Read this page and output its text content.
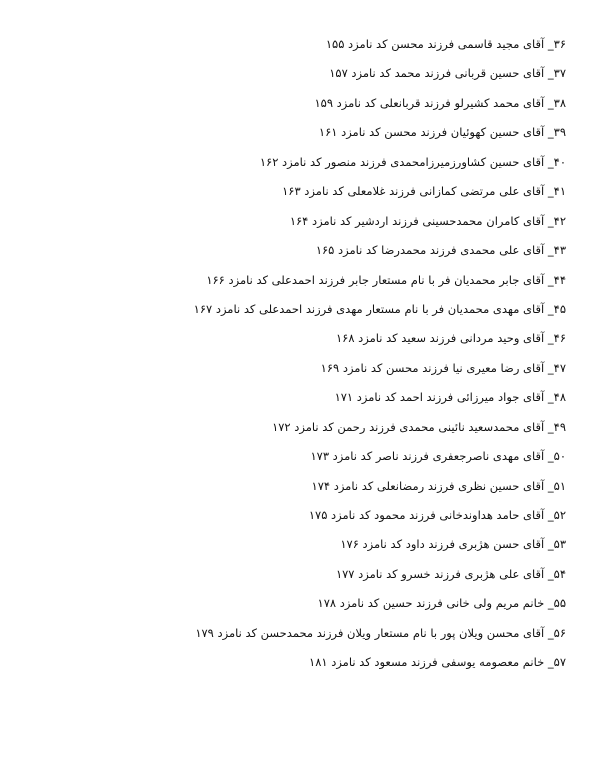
۳۶_ آقای مجید قاسمی فرزند محسن کد نامزد ۱۵۵
۳۷_ آقای حسین قربانی فرزند محمد کد نامزد ۱۵۷
۳۸_ آقای محمد کشیرلو فرزند قربانعلی کد نامزد ۱۵۹
۳۹_ آقای حسین کهوئیان فرزند محسن کد نامزد ۱۶۱
۴۰_ آقای حسین کشاورزمیرزامحمدی فرزند منصور کد نامزد ۱۶۲
۴۱_ آقای علی مرتضی کمازانی فرزند غلامعلی کد نامزد ۱۶۳
۴۲_ آقای کامران محمدحسینی فرزند اردشیر کد نامزد ۱۶۴
۴۳_ آقای علی محمدی فرزند محمدرضا کد نامزد ۱۶۵
۴۴_ آقای جابر محمدیان فر با نام مستعار جابر فرزند احمدعلی کد نامزد ۱۶۶
۴۵_ آقای مهدی محمدیان فر با نام مستعار مهدی فرزند احمدعلی کد نامزد ۱۶۷
۴۶_ آقای وحید مردانی فرزند سعید کد نامزد ۱۶۸
۴۷_ آقای رضا معیری نیا فرزند محسن کد نامزد ۱۶۹
۴۸_ آقای جواد میرزائی فرزند احمد کد نامزد ۱۷۱
۴۹_ آقای محمدسعید نائینی محمدی فرزند رحمن کد نامزد ۱۷۲
۵۰_ آقای مهدی ناصرجعفری فرزند ناصر کد نامزد ۱۷۳
۵۱_ آقای حسین نظری فرزند رمضانعلی کد نامزد ۱۷۴
۵۲_ آقای حامد هداوندخانی فرزند محمود کد نامزد ۱۷۵
۵۳_ آقای حسن هژبری فرزند داود کد نامزد ۱۷۶
۵۴_ آقای علی هژبری فرزند خسرو کد نامزد ۱۷۷
۵۵_ خانم مریم ولی خانی فرزند حسین کد نامزد ۱۷۸
۵۶_ آقای محسن ویلان پور با نام مستعار ویلان فرزند محمدحسن کد نامزد ۱۷۹
۵۷_ خانم معصومه یوسفی فرزند مسعود کد نامزد ۱۸۱
